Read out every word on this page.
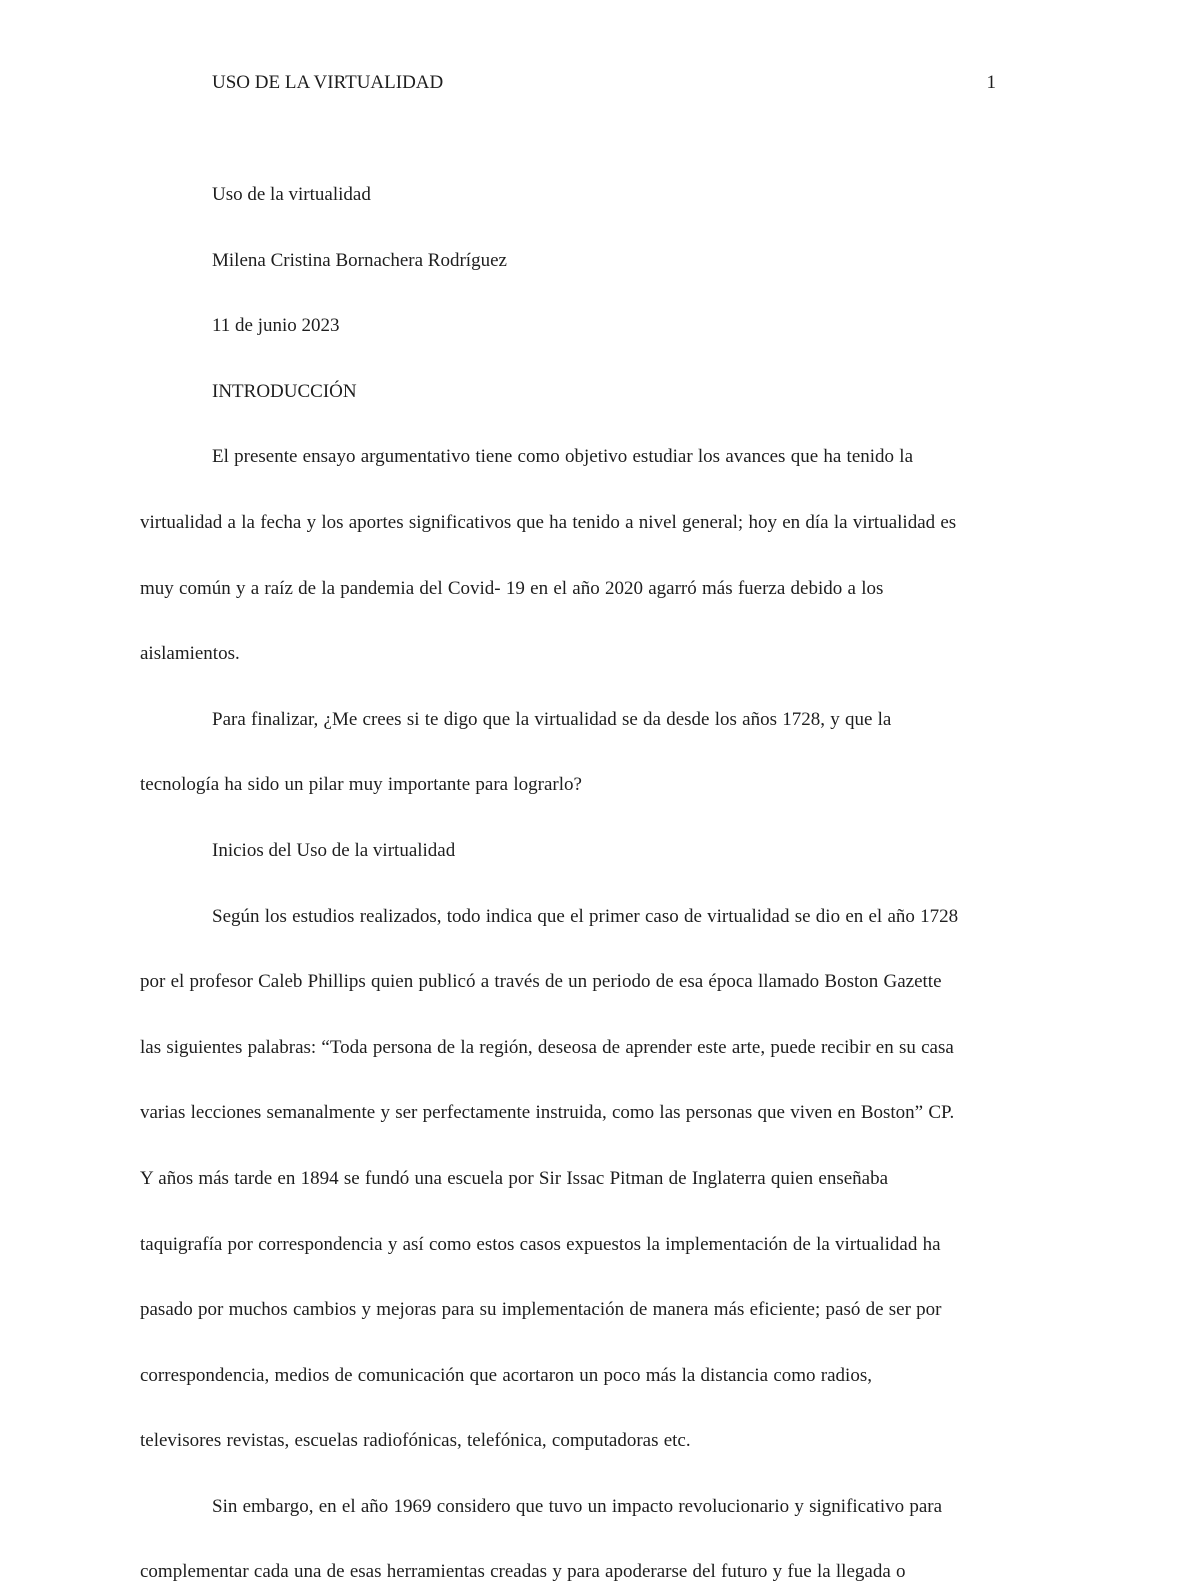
USO DE LA VIRTUALIDAD	1

Uso de la virtualidad

Milena Cristina Bornachera Rodríguez

11 de junio 2023

INTRODUCCIÓN

El presente ensayo argumentativo tiene como objetivo estudiar los avances que ha tenido la
virtualidad a la fecha y los aportes significativos que ha tenido a nivel general; hoy en día la virtualidad es
muy común y a raíz de la pandemia del Covid- 19 en el año 2020 agarró más fuerza debido a los
aislamientos.
Para finalizar, ¿Me crees si te digo que la virtualidad se da desde los años 1728, y que la
tecnología ha sido un pilar muy importante para lograrlo?

Inicios del Uso de la virtualidad

Según los estudios realizados, todo indica que el primer caso de virtualidad se dio en el año 1728
por el profesor Caleb Phillips quien publicó a través de un periodo de esa época llamado Boston Gazette
las siguientes palabras: “Toda persona de la región, deseosa de aprender este arte, puede recibir en su casa
varias lecciones semanalmente y ser perfectamente instruida, como las personas que viven en Boston” CP.
Y años más tarde en 1894 se fundó una escuela por Sir Issac Pitman de Inglaterra quien enseñaba
taquigrafía por correspondencia y así como estos casos expuestos la implementación de la virtualidad ha
pasado por muchos cambios y mejoras para su implementación de manera más eficiente; pasó de ser por
correspondencia, medios de comunicación que acortaron un poco más la distancia como radios,
televisores revistas, escuelas radiofónicas, telefónica, computadoras etc.
Sin embargo, en el año 1969 considero que tuvo un impacto revolucionario y significativo para
complementar cada una de esas herramientas creadas y para apoderarse del futuro y fue la llegada o
